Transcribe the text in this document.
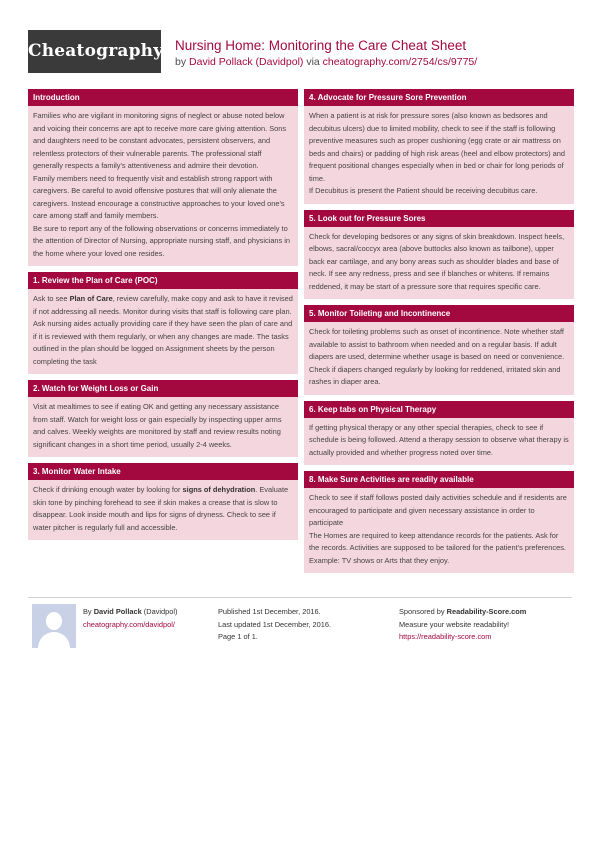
Cheatography Nursing Home: Monitoring the Care Cheat Sheet
by David Pollack (Davidpol) via cheatography.com/2754/cs/9775/
Introduction

Families who are vigilant in monitoring signs of neglect or abuse noted below and voicing their concerns are apt to receive more care giving attention. Sons and daughters need to be constant advocates, persistent observers, and relentless protectors of their vulnerable parents. The professional staff generally respects a family's attentiveness and admire their devotion.

Family members need to frequently visit and establish strong rapport with caregivers. Be careful to avoid offensive postures that will only alienate the caregivers. Instead encourage a constructive approaches to your loved one's care among staff and family members.

Be sure to report any of the following observations or concerns immediately to the attention of Director of Nursing, appropriate nursing staff, and physicians in the home where your loved one resides.

1. Review the Plan of Care (POC)

Ask to see Plan of Care, review carefully, make copy and ask to have it revised if not addressing all needs. Monitor during visits that staff is following care plan. Ask nursing aides actually providing care if they have seen the plan of care and if it is reviewed with them regularly, or when any changes are made. The tasks outlined in the plan should be logged on Assignment sheets by the person completing the task

2. Watch for Weight Loss or Gain

Visit at mealtimes to see if eating OK and getting any necessary assistance from staff. Watch for weight loss or gain especially by inspecting upper arms and calves. Weekly weights are monitored by staff and review results noting significant changes in a short time period, usually 2-4 weeks.

3. Monitor Water Intake

Check if drinking enough water by looking for signs of dehydration. Evaluate skin tone by pinching forehead to see if skin makes a crease that is slow to disappear. Look inside mouth and lips for signs of dryness. Check to see if water pitcher is regularly full and accessible.

4. Advocate for Pressure Sore Prevention

When a patient is at risk for pressure sores (also known as bedsores and decubitus ulcers) due to limited mobility, check to see if the staff is following preventive measures such as proper cushioning (egg crate or air mattress on beds and chairs) or padding of high risk areas (heel and elbow protectors) and frequent positional changes especially when in bed or chair for long periods of time.

If Decubitus is present the Patient should be receiving decubitus care.

5. Look out for Pressure Sores

Check for developing bedsores or any signs of skin breakdown. Inspect heels, elbows, sacral/coccyx area (above buttocks also known as tailbone), upper back ear cartilage, and any bony areas such as shoulder blades and base of neck. If see any redness, press and see if blanches or whitens. If remains reddened, it may be start of a pressure sore that requires specific care.

5. Monitor Toileting and Incontinence

Check for toileting problems such as onset of incontinence. Note whether staff available to assist to bathroom when needed and on a regular basis. If adult diapers are used, determine whether usage is based on need or convenience. Check if diapers changed regularly by looking for reddened, irritated skin and rashes in diaper area.

6. Keep tabs on Physical Therapy

If getting physical therapy or any other special therapies, check to see if schedule is being followed. Attend a therapy session to observe what therapy is actually provided and whether progress noted over time.

8. Make Sure Activities are readily available

Check to see if staff follows posted daily activities schedule and if residents are encouraged to participate and given necessary assistance in order to participate

The Homes are required to keep attendance records for the patients. Ask for the records. Activities are supposed to be tailored for the patient's preferences. Example: TV shows or Arts that they enjoy.

By David Pollack (Davidpol)
cheatography.com/davidpol/
Published 1st December, 2016.
Last updated 1st December, 2016.
Page 1 of 1.
Sponsored by Readability-Score.com
Measure your website readability!
https://readability-score.com
